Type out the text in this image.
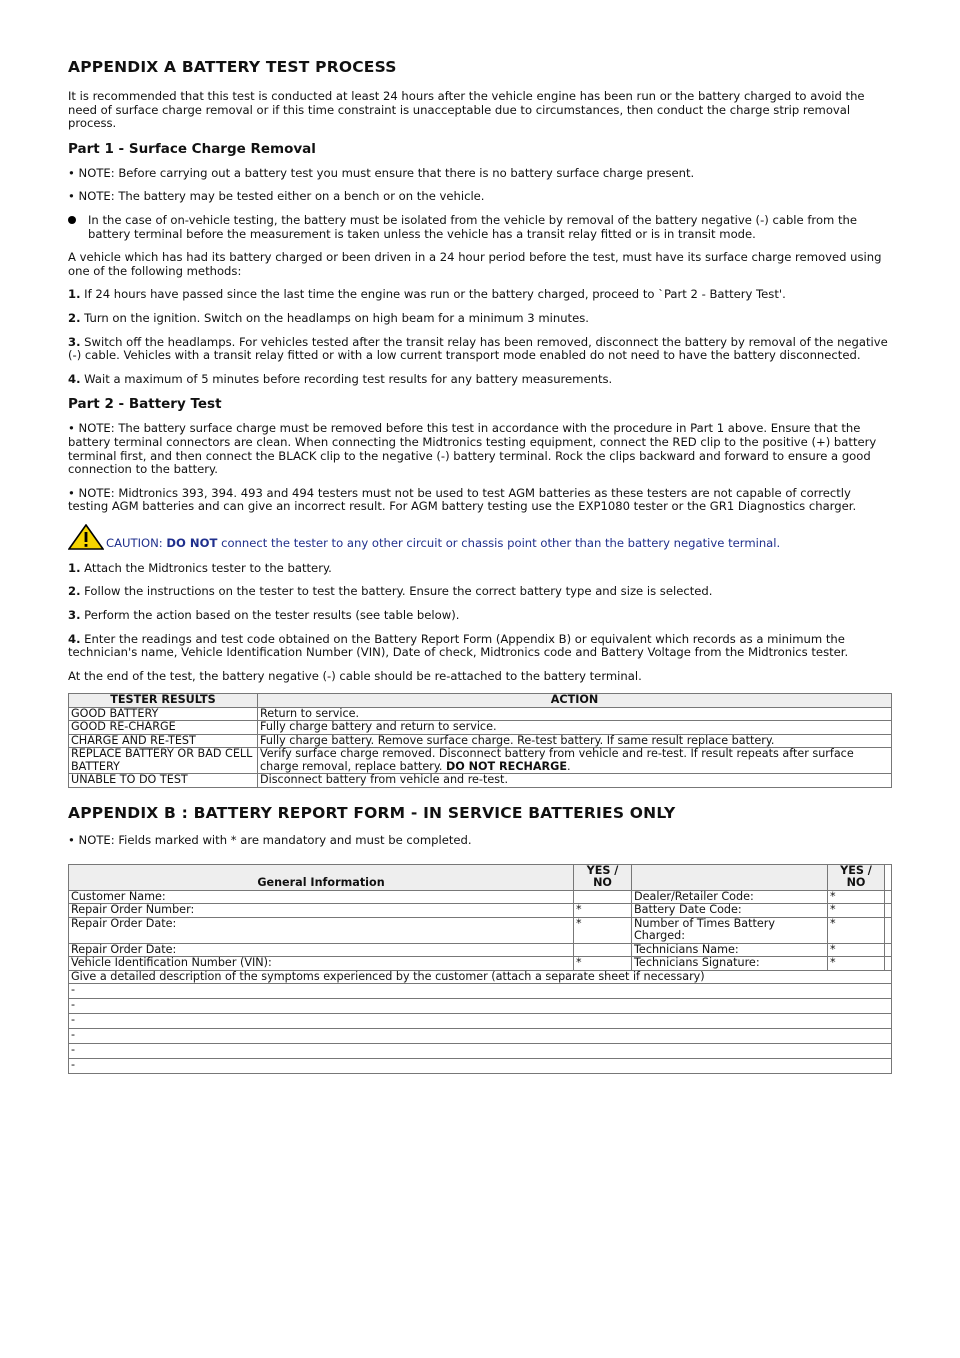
APPENDIX A BATTERY TEST PROCESS

It is recommended that this test is conducted at least 24 hours after the vehicle engine has been run or the battery charged to avoid the need of surface charge removal or if this time constraint is unacceptable due to circumstances, then conduct the charge strip removal process.

Part 1 - Surface Charge Removal

• NOTE: Before carrying out a battery test you must ensure that there is no battery surface charge present.

• NOTE: The battery may be tested either on a bench or on the vehicle.

In the case of on-vehicle testing, the battery must be isolated from the vehicle by removal of the battery negative (-) cable from the battery terminal before the measurement is taken unless the vehicle has a transit relay fitted or is in transit mode.

A vehicle which has had its battery charged or been driven in a 24 hour period before the test, must have its surface charge removed using one of the following methods:

1. If 24 hours have passed since the last time the engine was run or the battery charged, proceed to `Part 2 - Battery Test'.

2. Turn on the ignition. Switch on the headlamps on high beam for a minimum 3 minutes.

3. Switch off the headlamps. For vehicles tested after the transit relay has been removed, disconnect the battery by removal of the negative (-) cable. Vehicles with a transit relay fitted or with a low current transport mode enabled do not need to have the battery disconnected.

4. Wait a maximum of 5 minutes before recording test results for any battery measurements.

Part 2 - Battery Test

• NOTE: The battery surface charge must be removed before this test in accordance with the procedure in Part 1 above. Ensure that the battery terminal connectors are clean. When connecting the Midtronics testing equipment, connect the RED clip to the positive (+) battery terminal first, and then connect the BLACK clip to the negative (-) battery terminal. Rock the clips backward and forward to ensure a good connection to the battery.

• NOTE: Midtronics 393, 394. 493 and 494 testers must not be used to test AGM batteries as these testers are not capable of correctly testing AGM batteries and can give an incorrect result. For AGM battery testing use the EXP1080 tester or the GR1 Diagnostics charger.

CAUTION: DO NOT connect the tester to any other circuit or chassis point other than the battery negative terminal.

1. Attach the Midtronics tester to the battery.

2. Follow the instructions on the tester to test the battery. Ensure the correct battery type and size is selected.

3. Perform the action based on the tester results (see table below).

4. Enter the readings and test code obtained on the Battery Report Form (Appendix B) or equivalent which records as a minimum the technician's name, Vehicle Identification Number (VIN), Date of check, Midtronics code and Battery Voltage from the Midtronics tester.

At the end of the test, the battery negative (-) cable should be re-attached to the battery terminal.

TESTER RESULTS	ACTION
GOOD BATTERY	Return to service.
GOOD RE-CHARGE	Fully charge battery and return to service.
CHARGE AND RE-TEST	Fully charge battery. Remove surface charge. Re-test battery. If same result replace battery.
REPLACE BATTERY OR BAD CELL BATTERY	Verify surface charge removed. Disconnect battery from vehicle and re-test. If result repeats after surface charge removal, replace battery. DO NOT RECHARGE.
UNABLE TO DO TEST	Disconnect battery from vehicle and re-test.
APPENDIX B : BATTERY REPORT FORM - IN SERVICE BATTERIES ONLY

• NOTE: Fields marked with * are mandatory and must be completed.

General Information	YES / NO		YES / NO	
Customer Name:		Dealer/Retailer Code:	*	
Repair Order Number:	*	Battery Date Code:	*	
Repair Order Date:	*	Number of Times Battery Charged:	*	
Repair Order Date:		Technicians Name:	*	
Vehicle Identification Number (VIN):	*	Technicians Signature:	*	
Give a detailed description of the symptoms experienced by the customer (attach a separate sheet if necessary)				
-				
-				
-				
-				
-				
-				
